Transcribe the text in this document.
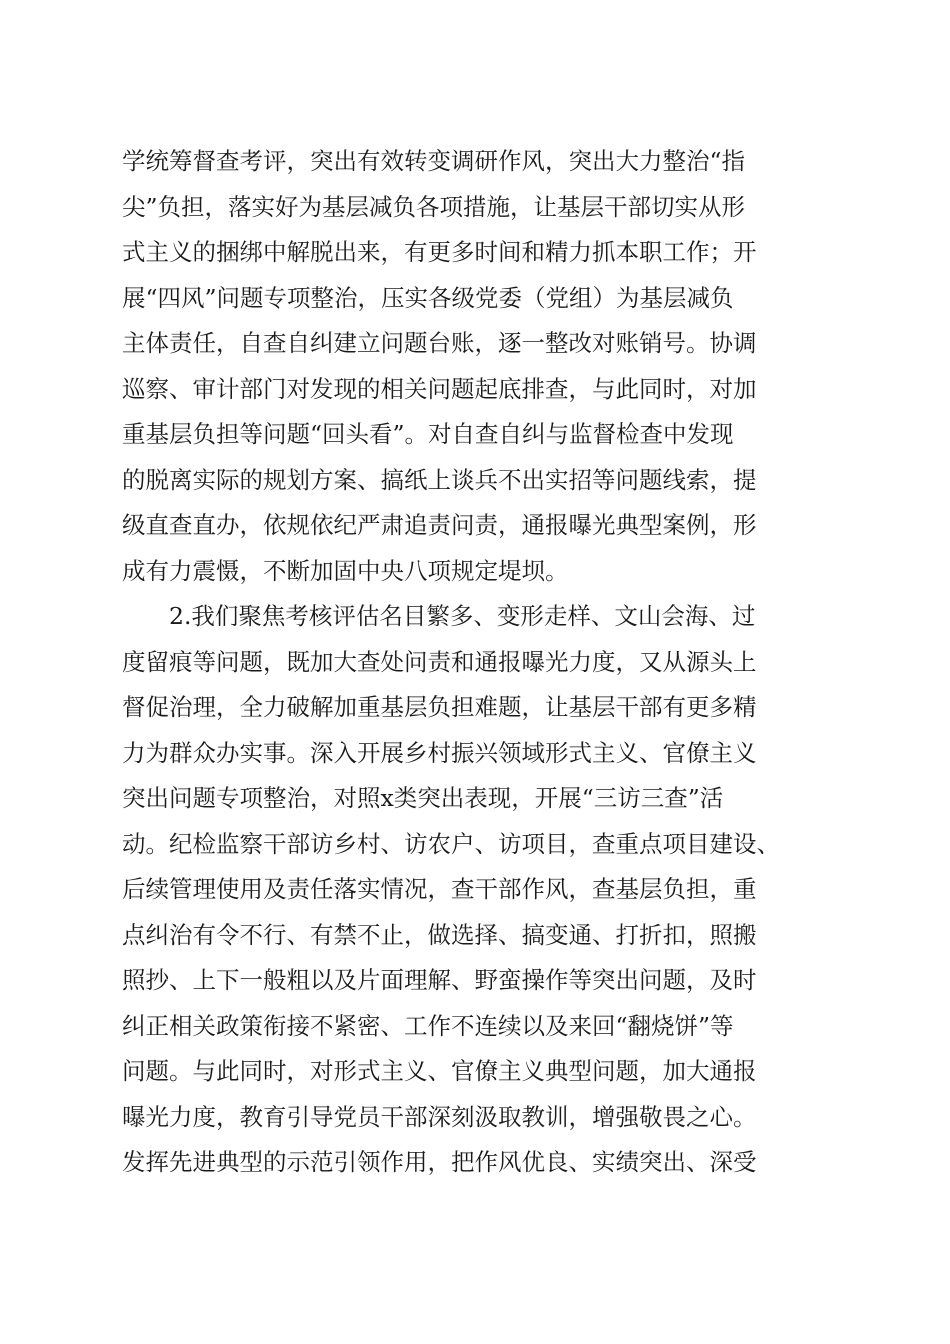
学统筹督查考评，突出有效转变调研作风，突出大力整治“指
尖”负担，落实好为基层减负各项措施，让基层干部切实从形
式主义的捆绑中解脱出来，有更多时间和精力抓本职工作；开
展“四风”问题专项整治，压实各级党委（党组）为基层减负
主体责任，自查自纠建立问题台账，逐一整改对账销号。协调
巡察、审计部门对发现的相关问题起底排查，与此同时，对加
重基层负担等问题“回头看”。对自查自纠与监督检查中发现
的脱离实际的规划方案、搞纸上谈兵不出实招等问题线索，提
级直查直办，依规依纪严肃追责问责，通报曝光典型案例，形
成有力震慑，不断加固中央八项规定堤坝。
　　2.我们聚焦考核评估名目繁多、变形走样、文山会海、过
度留痕等问题，既加大查处问责和通报曝光力度，又从源头上
督促治理，全力破解加重基层负担难题，让基层干部有更多精
力为群众办实事。深入开展乡村振兴领域形式主义、官僚主义
突出问题专项整治，对照x类突出表现，开展“三访三查”活
动。纪检监察干部访乡村、访农户、访项目，查重点项目建设、
后续管理使用及责任落实情况，查干部作风，查基层负担，重
点纠治有令不行、有禁不止，做选择、搞变通、打折扣，照搬
照抄、上下一般粗以及片面理解、野蛮操作等突出问题，及时
纠正相关政策衔接不紧密、工作不连续以及来回“翻烧饼”等
问题。与此同时，对形式主义、官僚主义典型问题，加大通报
曝光力度，教育引导党员干部深刻汲取教训，增强敬畏之心。
发挥先进典型的示范引领作用，把作风优良、实绩突出、深受
